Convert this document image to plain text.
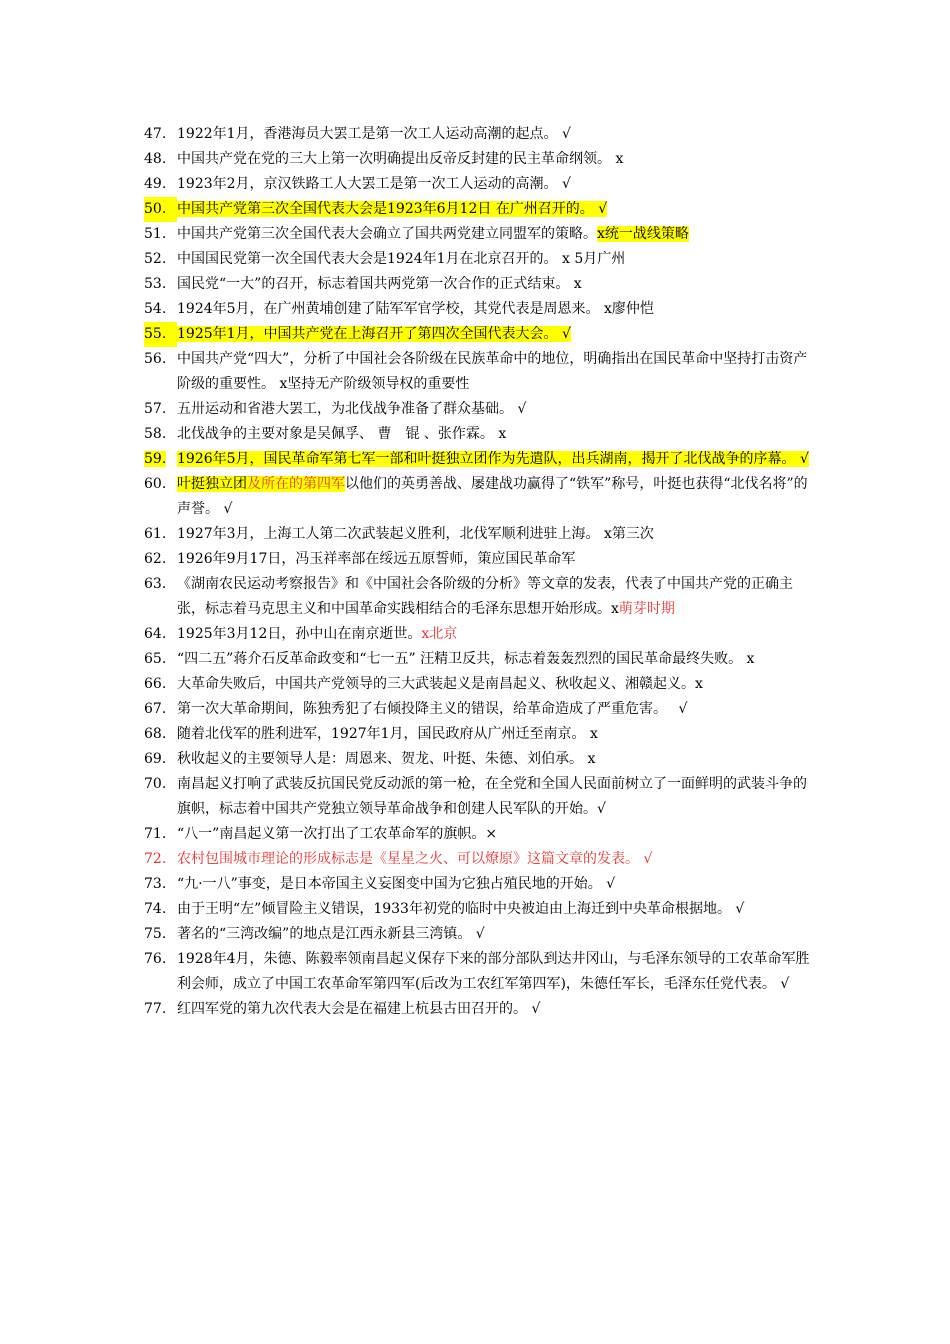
47. 1922年1月，香港海员大罢工是第一次工人运动高潮的起点。 √
48. 中国共产党在党的三大上第一次明确提出反帝反封建的民主革命纲领。 x
49. 1923年2月，京汉铁路工人大罢工是第一次工人运动的高潮。 √
50. 中国共产党第三次全国代表大会是1923年6月12日 在广州召开的。 √
51. 中国共产党第三次全国代表大会确立了国共两党建立同盟军的策略。x统一战线策略
52. 中国国民党第一次全国代表大会是1924年1月在北京召开的。 x 5月广州
53. 国民党“一大”的召开，标志着国共两党第一次合作的正式结束。 x
54. 1924年5月，在广州黄埔创建了陆军军官学校，其党代表是周恩来。 x廖仲恺
55. 1925年1月，中国共产党在上海召开了第四次全国代表大会。 √
56. 中国共产党“四大”，分析了中国社会各阶级在民族革命中的地位，明确指出在国民革命中坚持打击资产阶级的重要性。 x坚持无产阶级领导权的重要性
57. 五卅运动和省港大罢工，为北伐战争准备了群众基础。 √
58. 北伐战争的主要对象是吴佩孚、 曹　锟 、张作霖。 x
59. 1926年5月，国民革命军第七军一部和叶挺独立团作为先遣队，出兵湖南，揭开了北伐战争的序幕。 √
60. 叶挺独立团及所在的第四军以他们的英勇善战、屡建战功赢得了“铁军”称号，叶挺也获得“北伐名将”的声誉。 √
61. 1927年3月，上海工人第二次武装起义胜利，北伐军顺利进驻上海。 x第三次
62. 1926年9月17日，冯玉祥率部在绥远五原誓师，策应国民革命军
63. 《湖南农民运动考察报告》和《中国社会各阶级的分析》等文章的发表，代表了中国共产党的正确主张，标志着马克思主义和中国革命实践相结合的毛泽东思想开始形成。x萌芽时期
64. 1925年3月12日，孙中山在南京逝世。x北京
65. “四二五”蒋介石反革命政变和“七一五” 汪精卫反共，标志着轰轰烈烈的国民革命最终失败。 x
66. 大革命失败后，中国共产党领导的三大武装起义是南昌起义、秋收起义、湘赣起义。x
67. 第一次大革命期间，陈独秀犯了右倾投降主义的错误，给革命造成了严重危害。　 √
68. 随着北伐军的胜利进军，1927年1月，国民政府从广州迁至南京。 x
69. 秋收起义的主要领导人是：周恩来、贺龙、叶挺、朱德、刘伯承。 x
70. 南昌起义打响了武装反抗国民党反动派的第一枪，在全党和全国人民面前树立了一面鲜明的武装斗争的旗帜，标志着中国共产党独立领导革命战争和创建人民军队的开始。√
71. “八一”南昌起义第一次打出了工农革命军的旗帜。×
72. 农村包围城市理论的形成标志是《星星之火、可以燎原》这篇文章的发表。 √
73. “九·一八”事变，是日本帝国主义妄图变中国为它独占殖民地的开始。 √
74. 由于王明“左”倾冒险主义错误，1933年初党的临时中央被迫由上海迁到中央革命根据地。 √
75. 著名的“三湾改编”的地点是江西永新县三湾镇。 √
76. 1928年4月，朱德、陈毅率领南昌起义保存下来的部分部队到达井冈山，与毛泽东领导的工农革命军胜利会师，成立了中国工农革命军第四军(后改为工农红军第四军)，朱德任军长，毛泽东任党代表。 √
77. 红四军党的第九次代表大会是在福建上杭县古田召开的。 √
